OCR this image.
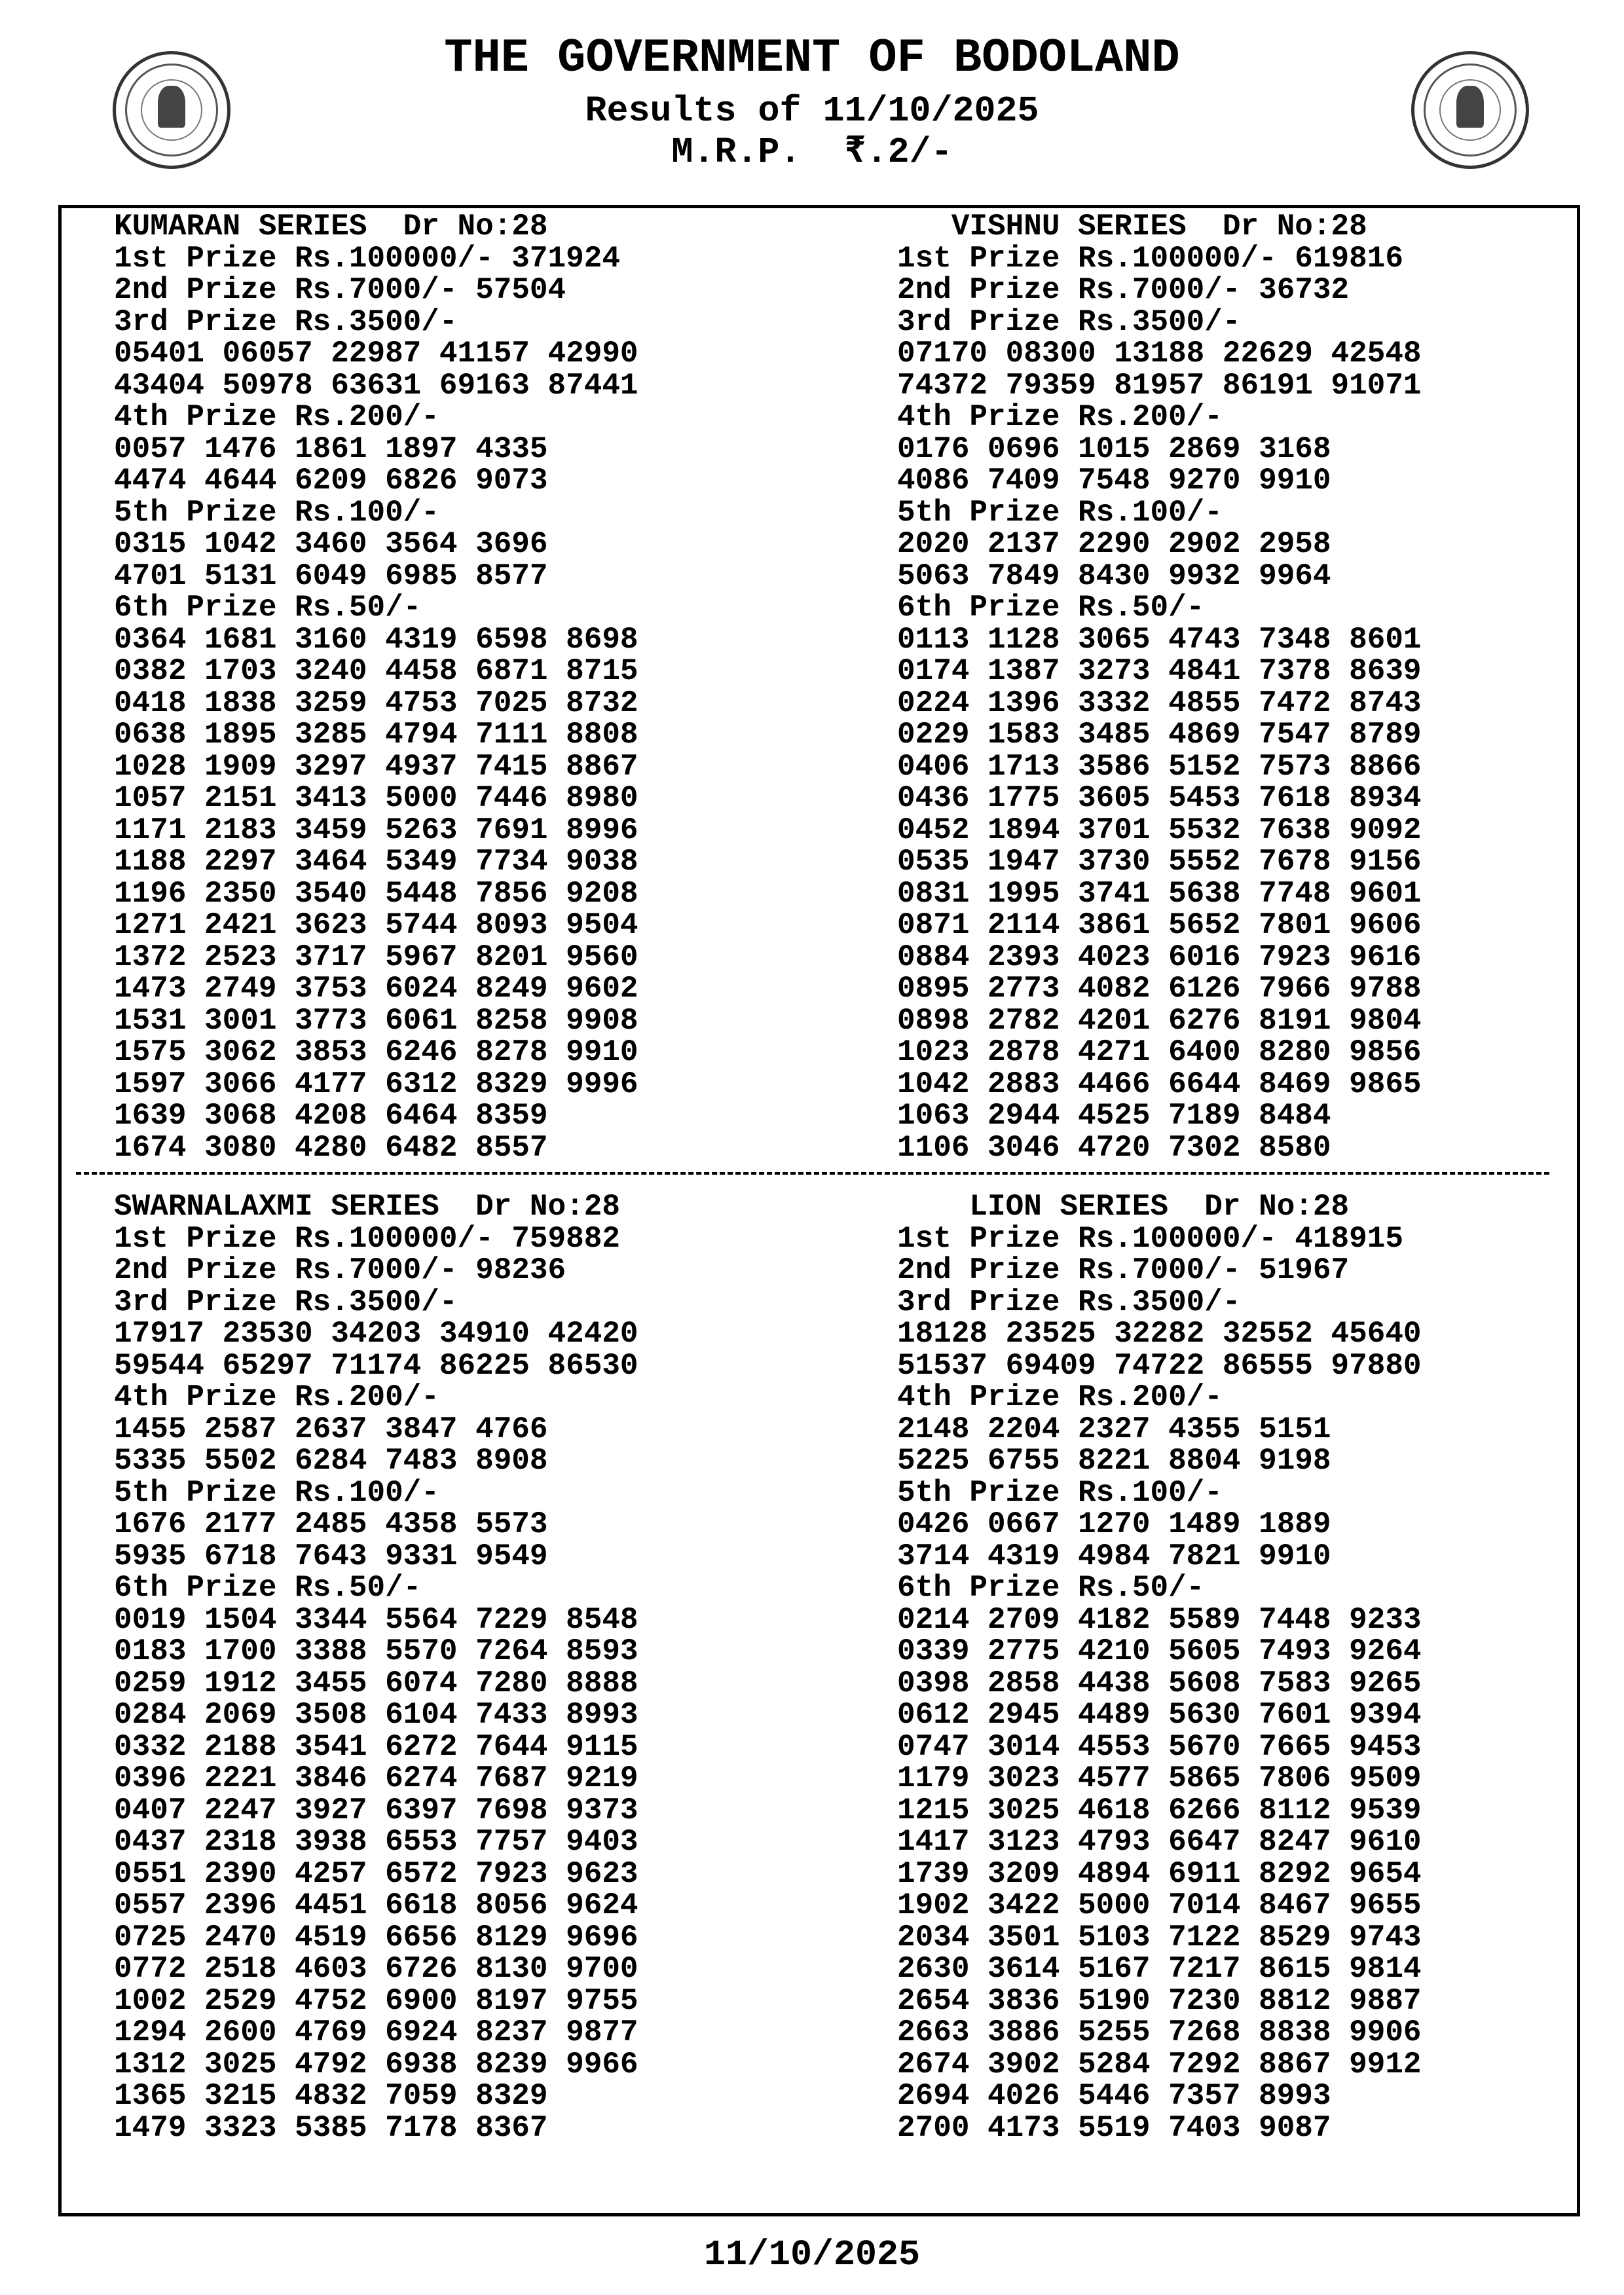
THE GOVERNMENT OF BODOLAND
Results of 11/10/2025
M.R.P.  ₹.2/-
KUMARAN SERIES  Dr No:28
1st Prize Rs.100000/- 371924
2nd Prize Rs.7000/- 57504
3rd Prize Rs.3500/-
05401 06057 22987 41157 42990
43404 50978 63631 69163 87441
4th Prize Rs.200/-
0057 1476 1861 1897 4335
4474 4644 6209 6826 9073
5th Prize Rs.100/-
0315 1042 3460 3564 3696
4701 5131 6049 6985 8577
6th Prize Rs.50/-
0364 1681 3160 4319 6598 8698
0382 1703 3240 4458 6871 8715
0418 1838 3259 4753 7025 8732
0638 1895 3285 4794 7111 8808
1028 1909 3297 4937 7415 8867
1057 2151 3413 5000 7446 8980
1171 2183 3459 5263 7691 8996
1188 2297 3464 5349 7734 9038
1196 2350 3540 5448 7856 9208
1271 2421 3623 5744 8093 9504
1372 2523 3717 5967 8201 9560
1473 2749 3753 6024 8249 9602
1531 3001 3773 6061 8258 9908
1575 3062 3853 6246 8278 9910
1597 3066 4177 6312 8329 9996
1639 3068 4208 6464 8359
1674 3080 4280 6482 8557
VISHNU SERIES  Dr No:28
1st Prize Rs.100000/- 619816
2nd Prize Rs.7000/- 36732
3rd Prize Rs.3500/-
07170 08300 13188 22629 42548
74372 79359 81957 86191 91071
4th Prize Rs.200/-
0176 0696 1015 2869 3168
4086 7409 7548 9270 9910
5th Prize Rs.100/-
2020 2137 2290 2902 2958
5063 7849 8430 9932 9964
6th Prize Rs.50/-
0113 1128 3065 4743 7348 8601
0174 1387 3273 4841 7378 8639
0224 1396 3332 4855 7472 8743
0229 1583 3485 4869 7547 8789
0406 1713 3586 5152 7573 8866
0436 1775 3605 5453 7618 8934
0452 1894 3701 5532 7638 9092
0535 1947 3730 5552 7678 9156
0831 1995 3741 5638 7748 9601
0871 2114 3861 5652 7801 9606
0884 2393 4023 6016 7923 9616
0895 2773 4082 6126 7966 9788
0898 2782 4201 6276 8191 9804
1023 2878 4271 6400 8280 9856
1042 2883 4466 6644 8469 9865
1063 2944 4525 7189 8484
1106 3046 4720 7302 8580
SWARNALAXMI SERIES  Dr No:28
1st Prize Rs.100000/- 759882
2nd Prize Rs.7000/- 98236
3rd Prize Rs.3500/-
17917 23530 34203 34910 42420
59544 65297 71174 86225 86530
4th Prize Rs.200/-
1455 2587 2637 3847 4766
5335 5502 6284 7483 8908
5th Prize Rs.100/-
1676 2177 2485 4358 5573
5935 6718 7643 9331 9549
6th Prize Rs.50/-
0019 1504 3344 5564 7229 8548
0183 1700 3388 5570 7264 8593
0259 1912 3455 6074 7280 8888
0284 2069 3508 6104 7433 8993
0332 2188 3541 6272 7644 9115
0396 2221 3846 6274 7687 9219
0407 2247 3927 6397 7698 9373
0437 2318 3938 6553 7757 9403
0551 2390 4257 6572 7923 9623
0557 2396 4451 6618 8056 9624
0725 2470 4519 6656 8129 9696
0772 2518 4603 6726 8130 9700
1002 2529 4752 6900 8197 9755
1294 2600 4769 6924 8237 9877
1312 3025 4792 6938 8239 9966
1365 3215 4832 7059 8329
1479 3323 5385 7178 8367
LION SERIES  Dr No:28
1st Prize Rs.100000/- 418915
2nd Prize Rs.7000/- 51967
3rd Prize Rs.3500/-
18128 23525 32282 32552 45640
51537 69409 74722 86555 97880
4th Prize Rs.200/-
2148 2204 2327 4355 5151
5225 6755 8221 8804 9198
5th Prize Rs.100/-
0426 0667 1270 1489 1889
3714 4319 4984 7821 9910
6th Prize Rs.50/-
0214 2709 4182 5589 7448 9233
0339 2775 4210 5605 7493 9264
0398 2858 4438 5608 7583 9265
0612 2945 4489 5630 7601 9394
0747 3014 4553 5670 7665 9453
1179 3023 4577 5865 7806 9509
1215 3025 4618 6266 8112 9539
1417 3123 4793 6647 8247 9610
1739 3209 4894 6911 8292 9654
1902 3422 5000 7014 8467 9655
2034 3501 5103 7122 8529 9743
2630 3614 5167 7217 8615 9814
2654 3836 5190 7230 8812 9887
2663 3886 5255 7268 8838 9906
2674 3902 5284 7292 8867 9912
2694 4026 5446 7357 8993
2700 4173 5519 7403 9087
11/10/2025
